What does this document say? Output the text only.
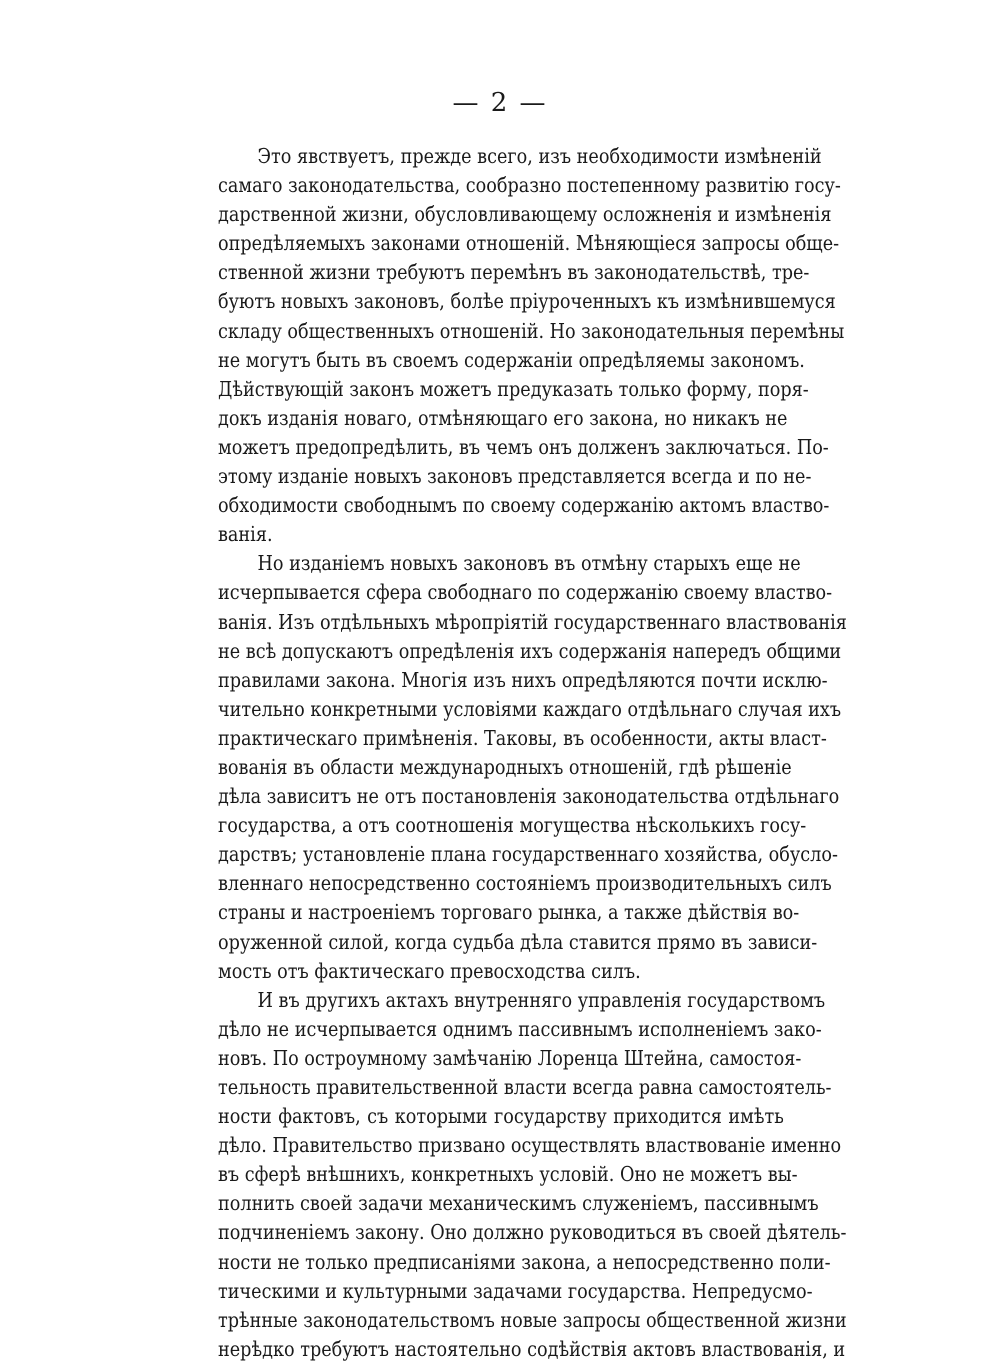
— 2 —
Это явствуетъ, прежде всего, изъ необходимости измѣненій
самаго законодательства, сообразно постепенному развитію госу-
дарственной жизни, обусловливающему осложненія и измѣненія
опредѣляемыхъ законами отношеній. Мѣняющіеся запросы обще-
ственной жизни требуютъ перемѣнъ въ законодательствѣ, тре-
буютъ новыхъ законовъ, болѣе пріуроченныхъ къ измѣнившемуся
складу общественныхъ отношеній. Но законодательныя перемѣны
не могутъ быть въ своемъ содержаніи опредѣляемы закономъ.
Дѣйствующій законъ можетъ предуказать только форму, поря-
докъ изданія новаго, отмѣняющаго его закона, но никакъ не
можетъ предопредѣлить, въ чемъ онъ долженъ заключаться. По-
этому изданіе новыхъ законовъ представляется всегда и по не-
обходимости свободнымъ по своему содержанію актомъ властво-
ванія.
Но изданіемъ новыхъ законовъ въ отмѣну старыхъ еще не
исчерпывается сфера свободнаго по содержанію своему властво-
ванія. Изъ отдѣльныхъ мѣропріятій государственнаго властвованія
не всѣ допускаютъ опредѣленія ихъ содержанія напередъ общими
правилами закона. Многія изъ нихъ опредѣляются почти исклю-
чительно конкретными условіями каждаго отдѣльнаго случая ихъ
практическаго примѣненія. Таковы, въ особенности, акты власт-
вованія въ области международныхъ отношеній, гдѣ рѣшеніе
дѣла зависитъ не отъ постановленія законодательства отдѣльнаго
государства, а отъ соотношенія могущества нѣсколькихъ госу-
дарствъ; установленіе плана государственнаго хозяйства, обусло-
вленнаго непосредственно состояніемъ производительныхъ силъ
страны и настроеніемъ торговаго рынка, а также дѣйствія во-
оруженной силой, когда судьба дѣла ставится прямо въ зависи-
мость отъ фактическаго превосходства силъ.
И въ другихъ актахъ внутренняго управленія государствомъ
дѣло не исчерпывается однимъ пассивнымъ исполненіемъ зако-
новъ. По остроумному замѣчанію Лоренца Штейна, самостоя-
тельность правительственной власти всегда равна самостоятель-
ности фактовъ, съ которыми государству приходится имѣть
дѣло. Правительство призвано осуществлять властвованіе именно
въ сферѣ внѣшнихъ, конкретныхъ условій. Оно не можетъ вы-
полнить своей задачи механическимъ служеніемъ, пассивнымъ
подчиненіемъ закону. Оно должно руководиться въ своей дѣятель-
ности не только предписаніями закона, а непосредственно поли-
тическими и культурными задачами государства. Непредусмо-
трѣнные законодательствомъ новые запросы общественной жизни
нерѣдко требуютъ настоятельно содѣйствія актовъ властвованія, и
